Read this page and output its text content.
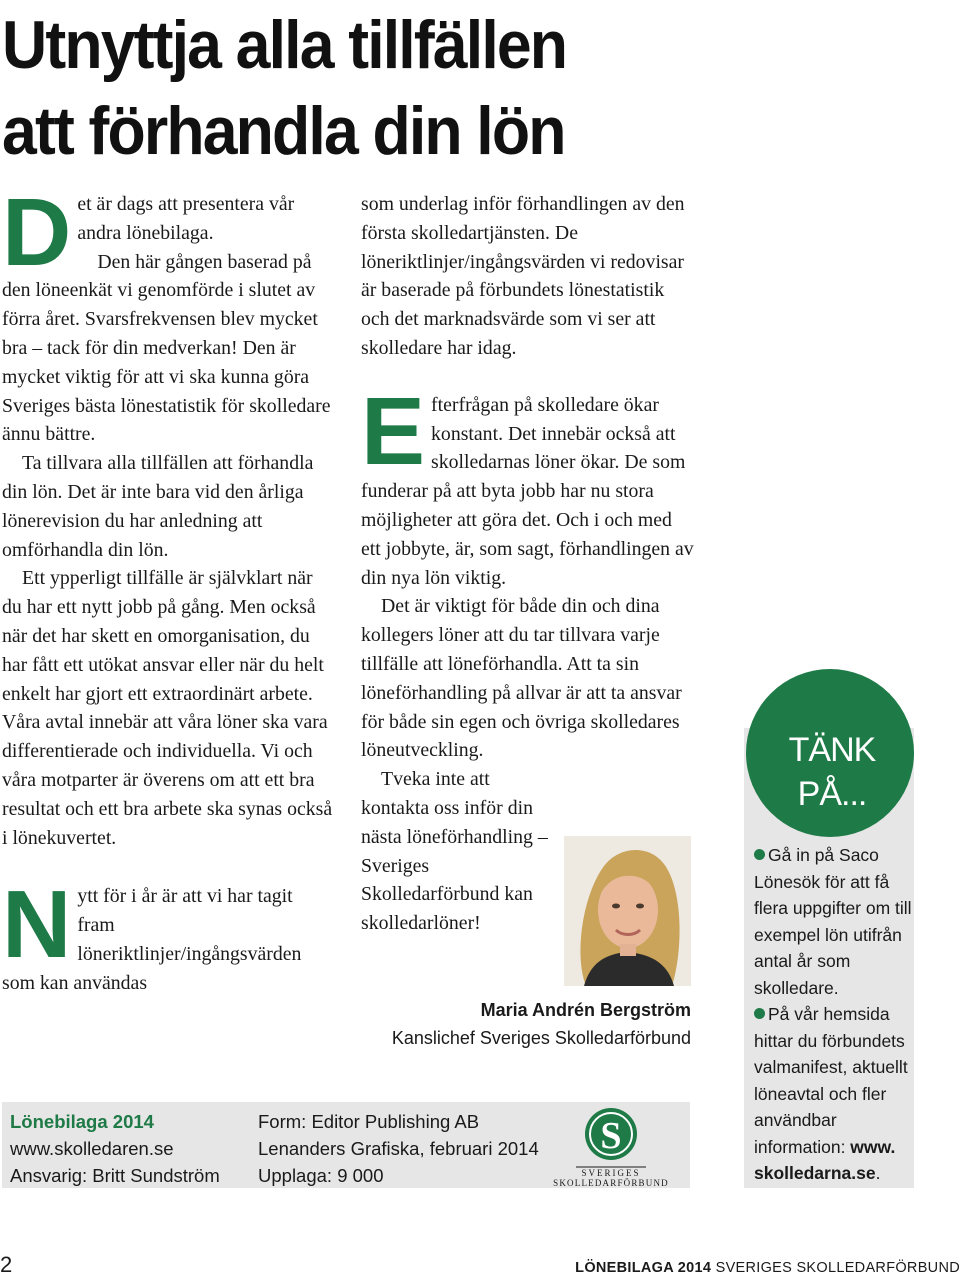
Utnyttja alla tillfällen
att förhandla din lön

Det är dags att presentera vår andra lönebilaga.

Den här gången baserad på den löneenkät vi genomförde i slutet av förra året. Svarsfrekvensen blev mycket bra – tack för din medverkan! Den är mycket viktig för att vi ska kunna göra Sveriges bästa lönestatistik för skolledare ännu bättre.

Ta tillvara alla tillfällen att förhandla din lön. Det är inte bara vid den årliga lönerevision du har anledning att omförhandla din lön.

Ett ypperligt tillfälle är självklart när du har ett nytt jobb på gång. Men också när det har skett en omorganisation, du har fått ett utökat ansvar eller när du helt enkelt har gjort ett extraordinärt arbete. Våra avtal innebär att våra löner ska vara differentierade och individuella. Vi och våra motparter är överens om att ett bra resultat och ett bra arbete ska synas också i lönekuvertet.

Nytt för i år är att vi har tagit fram löneriktlinjer/ingångsvärden som kan användas

som underlag inför förhandlingen av den första skolledartjänsten. De löneriktlinjer/ingångsvärden vi redovisar är baserade på förbundets lönestatistik och det marknadsvärde som vi ser att skolledare har idag.

Efterfrågan på skolledare ökar konstant. Det innebär också att skolledarnas löner ökar. De som funderar på att byta jobb har nu stora möjligheter att göra det. Och i och med ett jobbyte, är, som sagt, förhandlingen av din nya lön viktig.

Det är viktigt för både din och dina kollegers löner att du tar tillvara varje tillfälle att löneförhandla. Att ta sin löneförhandling på allvar är att ta ansvar för både sin egen och övriga skolledares löneutveckling.

Tveka inte att kontakta oss inför din nästa löneförhandling – Sveriges Skolledarförbund kan skolledarlöner!

Maria Andrén Bergström
Kanslichef Sveriges Skolledarförbund
TÄNK PÅ...

Gå in på Saco Lönesök för att få flera uppgifter om till exempel lön utifrån antal år som skolledare.

På vår hemsida hittar du förbundets valmanifest, aktuellt löneavtal och fler användbar information: www. skolledarna.se.

Lönebilaga 2014
www.skolledaren.se
Ansvarig: Britt Sundström
Form: Editor Publishing AB
Lenanders Grafiska, februari 2014
Upplaga: 9 000
S
SVERIGES
SKOLLEDARFÖRBUND
2	LÖNEBILAGA 2014 SVERIGES SKOLLEDARFÖRBUND
